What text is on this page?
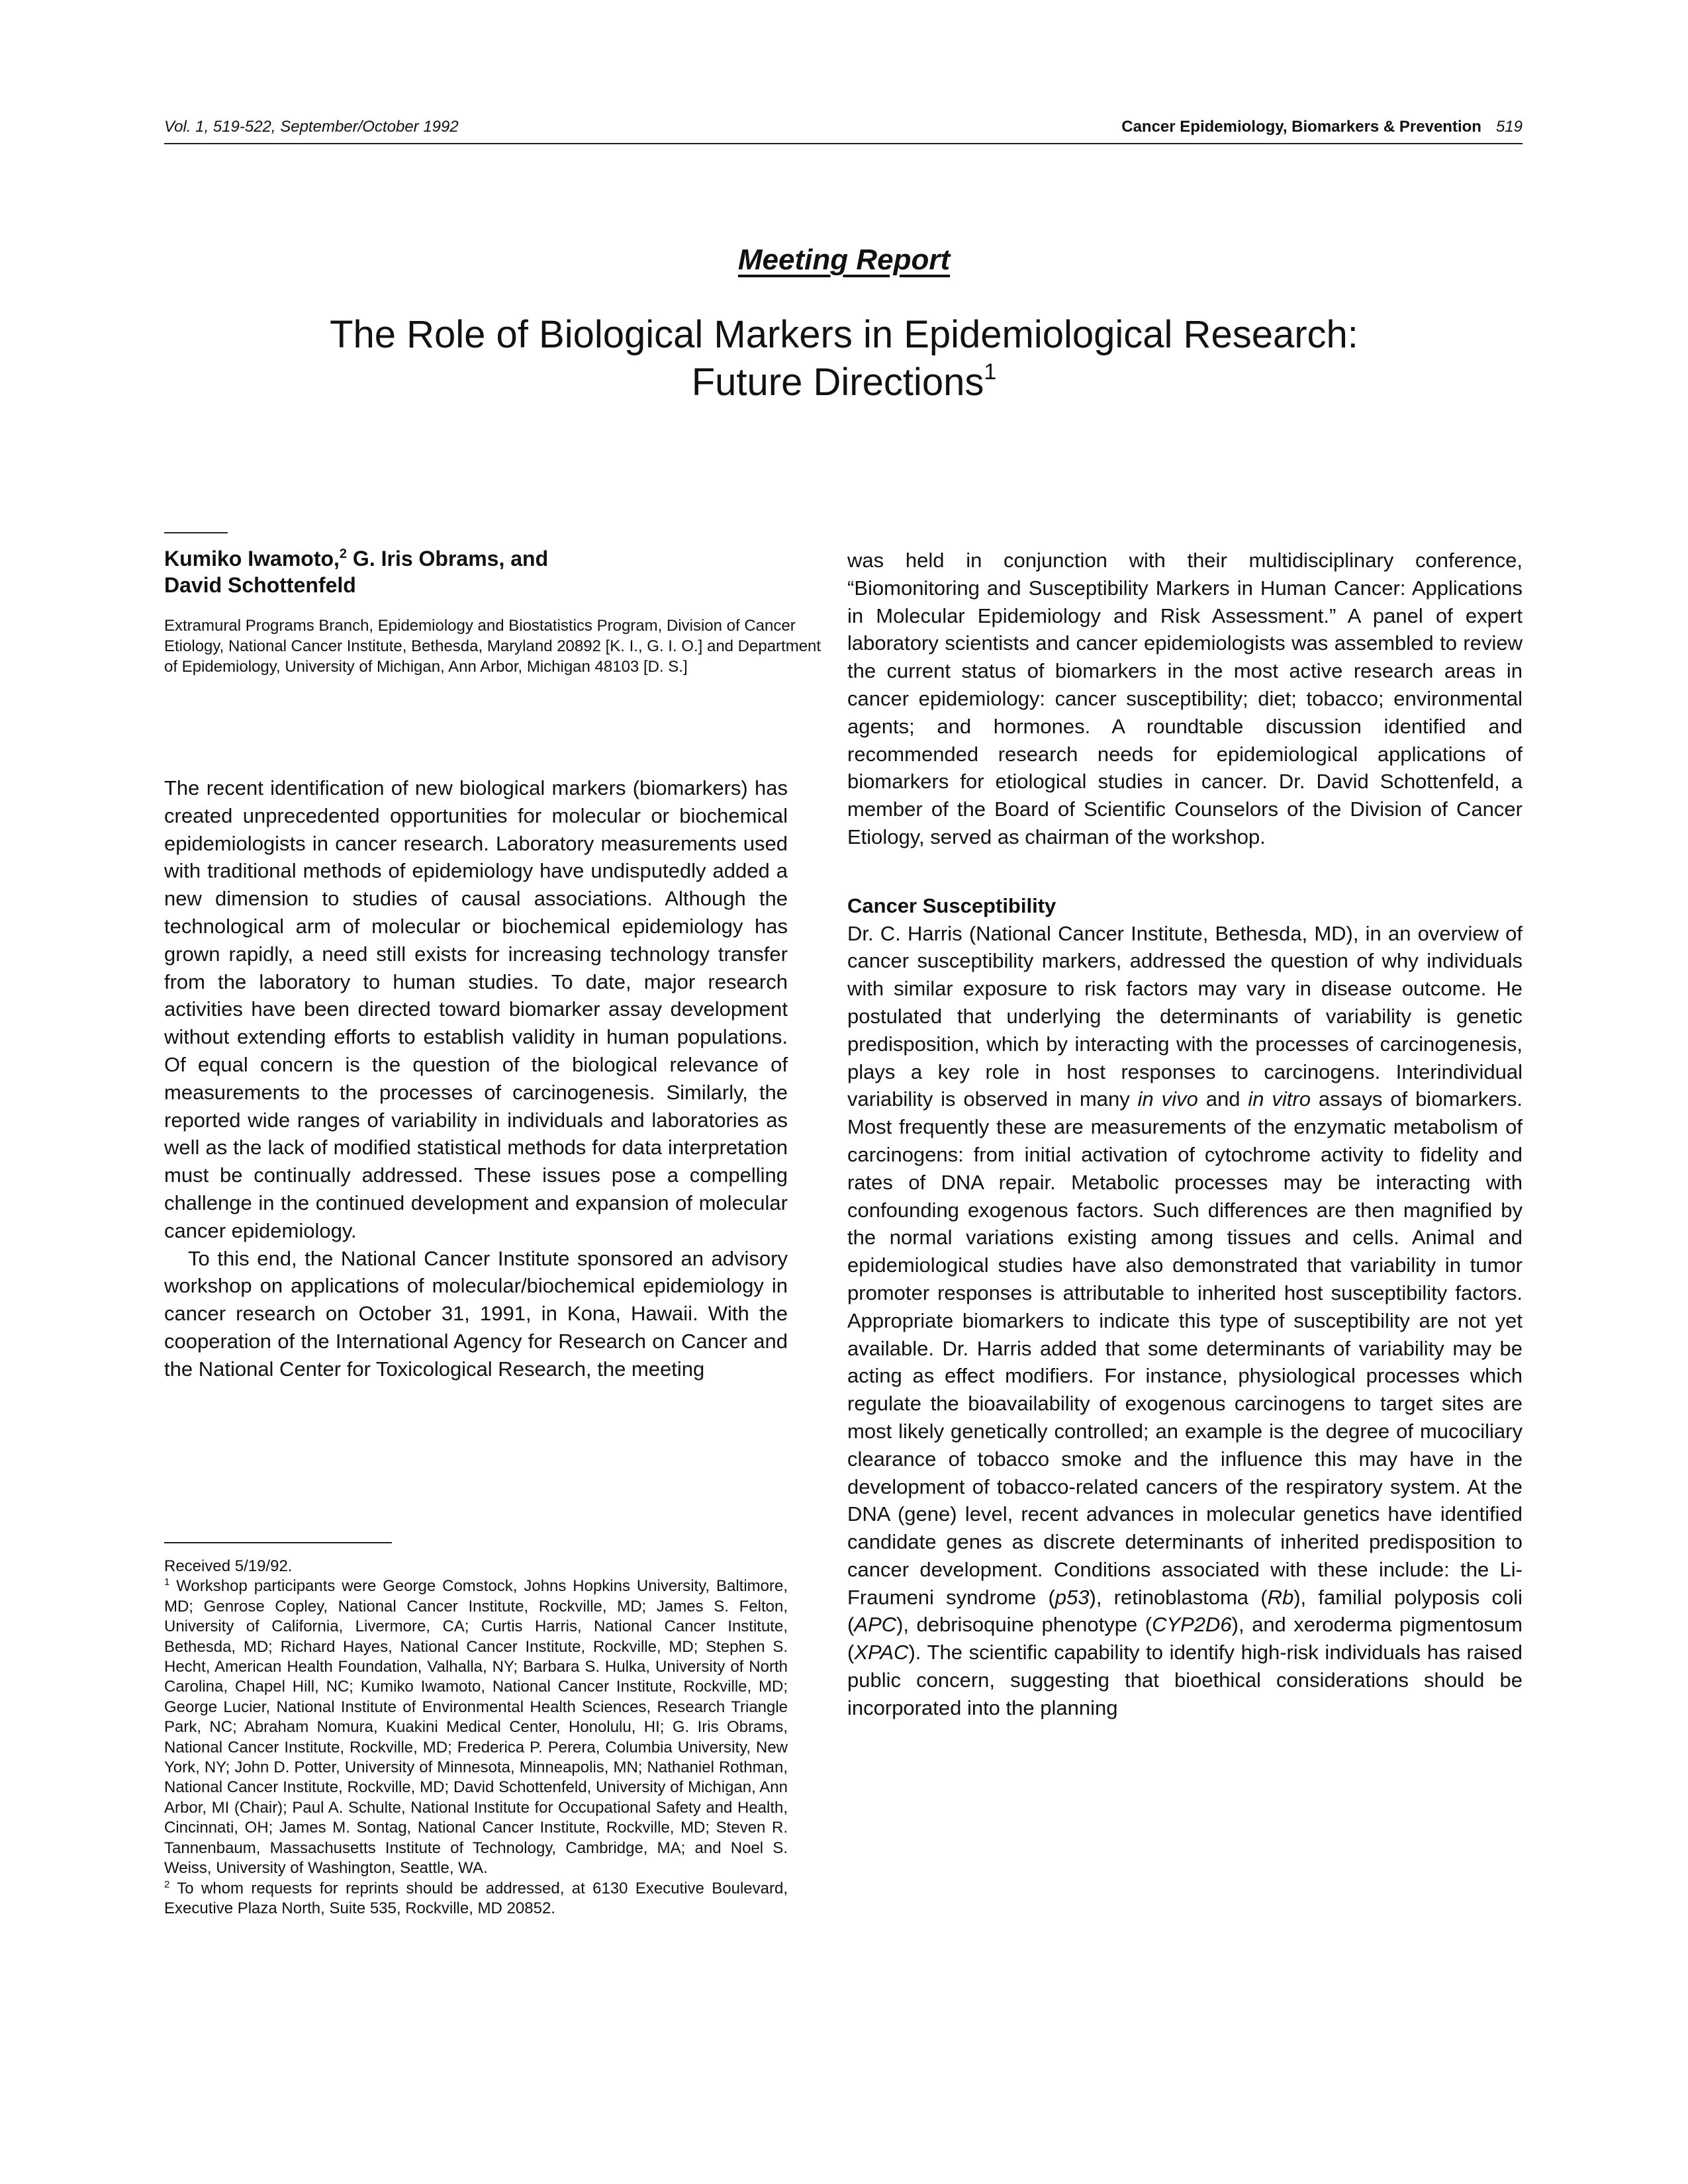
Vol. 1, 519-522, September/October 1992	Cancer Epidemiology, Biomarkers & Prevention 519
Meeting Report
The Role of Biological Markers in Epidemiological Research:
Future Directions$^1$
Kumiko Iwamoto,$^2$ G. Iris Obrams, and
David Schottenfeld
Extramural Programs Branch, Epidemiology and Biostatistics Program, Division of Cancer Etiology, National Cancer Institute, Bethesda, Maryland 20892 [K. I., G. I. O.] and Department of Epidemiology, University of Michigan, Ann Arbor, Michigan 48103 [D. S.]

The recent identification of new biological markers (biomarkers) has created unprecedented opportunities for molecular or biochemical epidemiologists in cancer research. Laboratory measurements used with traditional methods of epidemiology have undisputedly added a new dimension to studies of causal associations. Although the technological arm of molecular or biochemical epidemiology has grown rapidly, a need still exists for increasing technology transfer from the laboratory to human studies. To date, major research activities have been directed toward biomarker assay development without extending efforts to establish validity in human populations. Of equal concern is the question of the biological relevance of measurements to the processes of carcinogenesis. Similarly, the reported wide ranges of variability in individuals and laboratories as well as the lack of modified statistical methods for data interpretation must be continually addressed. These issues pose a compelling challenge in the continued development and expansion of molecular cancer epidemiology.

To this end, the National Cancer Institute sponsored an advisory workshop on applications of molecular/biochemical epidemiology in cancer research on October 31, 1991, in Kona, Hawaii. With the cooperation of the International Agency for Research on Cancer and the National Center for Toxicological Research, the meeting

Received 5/19/92.

$^1$ Workshop participants were George Comstock, Johns Hopkins University, Baltimore, MD; Genrose Copley, National Cancer Institute, Rockville, MD; James S. Felton, University of California, Livermore, CA; Curtis Harris, National Cancer Institute, Bethesda, MD; Richard Hayes, National Cancer Institute, Rockville, MD; Stephen S. Hecht, American Health Foundation, Valhalla, NY; Barbara S. Hulka, University of North Carolina, Chapel Hill, NC; Kumiko Iwamoto, National Cancer Institute, Rockville, MD; George Lucier, National Institute of Environmental Health Sciences, Research Triangle Park, NC; Abraham Nomura, Kuakini Medical Center, Honolulu, HI; G. Iris Obrams, National Cancer Institute, Rockville, MD; Frederica P. Perera, Columbia University, New York, NY; John D. Potter, University of Minnesota, Minneapolis, MN; Nathaniel Rothman, National Cancer Institute, Rockville, MD; David Schottenfeld, University of Michigan, Ann Arbor, MI (Chair); Paul A. Schulte, National Institute for Occupational Safety and Health, Cincinnati, OH; James M. Sontag, National Cancer Institute, Rockville, MD; Steven R. Tannenbaum, Massachusetts Institute of Technology, Cambridge, MA; and Noel S. Weiss, University of Washington, Seattle, WA.

$^2$ To whom requests for reprints should be addressed, at 6130 Executive Boulevard, Executive Plaza North, Suite 535, Rockville, MD 20852.

was held in conjunction with their multidisciplinary conference, “Biomonitoring and Susceptibility Markers in Human Cancer: Applications in Molecular Epidemiology and Risk Assessment.” A panel of expert laboratory scientists and cancer epidemiologists was assembled to review the current status of biomarkers in the most active research areas in cancer epidemiology: cancer susceptibility; diet; tobacco; environmental agents; and hormones. A roundtable discussion identified and recommended research needs for epidemiological applications of biomarkers for etiological studies in cancer. Dr. David Schottenfeld, a member of the Board of Scientific Counselors of the Division of Cancer Etiology, served as chairman of the workshop.

Cancer Susceptibility

Dr. C. Harris (National Cancer Institute, Bethesda, MD), in an overview of cancer susceptibility markers, addressed the question of why individuals with similar exposure to risk factors may vary in disease outcome. He postulated that underlying the determinants of variability is genetic predisposition, which by interacting with the processes of carcinogenesis, plays a key role in host responses to carcinogens. Interindividual variability is observed in many in vivo and in vitro assays of biomarkers. Most frequently these are measurements of the enzymatic metabolism of carcinogens: from initial activation of cytochrome activity to fidelity and rates of DNA repair. Metabolic processes may be interacting with confounding exogenous factors. Such differences are then magnified by the normal variations existing among tissues and cells. Animal and epidemiological studies have also demonstrated that variability in tumor promoter responses is attributable to inherited host susceptibility factors. Appropriate biomarkers to indicate this type of susceptibility are not yet available. Dr. Harris added that some determinants of variability may be acting as effect modifiers. For instance, physiological processes which regulate the bioavailability of exogenous carcinogens to target sites are most likely genetically controlled; an example is the degree of mucociliary clearance of tobacco smoke and the influence this may have in the development of tobacco-related cancers of the respiratory system. At the DNA (gene) level, recent advances in molecular genetics have identified candidate genes as discrete determinants of inherited predisposition to cancer development. Conditions associated with these include: the Li-Fraumeni syndrome (p53), retinoblastoma (Rb), familial polyposis coli (APC), debrisoquine phenotype (CYP2D6), and xeroderma pigmentosum (XPAC). The scientific capability to identify high-risk individuals has raised public concern, suggesting that bioethical considerations should be incorporated into the planning
